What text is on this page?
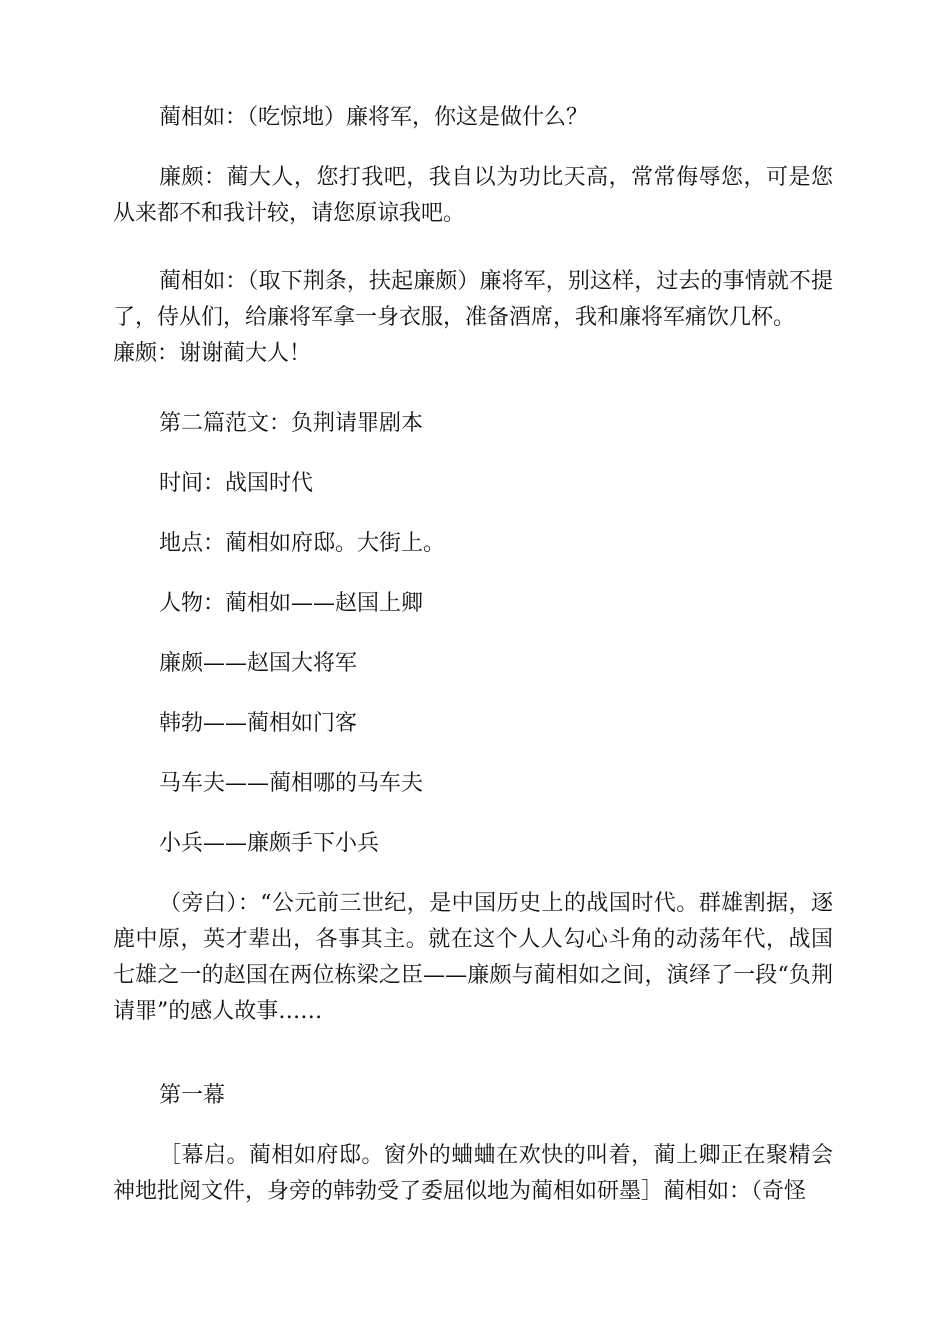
蔺相如：（吃惊地）廉将军，你这是做什么？

廉颇：蔺大人，您打我吧，我自以为功比天高，常常侮辱您，可是您从来都不和我计较，请您原谅我吧。

蔺相如：（取下荆条，扶起廉颇）廉将军，别这样，过去的事情就不提了，侍从们，给廉将军拿一身衣服，准备酒席，我和廉将军痛饮几杯。

廉颇：谢谢蔺大人！

第二篇范文：负荆请罪剧本

时间：战国时代

地点：蔺相如府邸。大街上。

人物：蔺相如——赵国上卿

廉颇——赵国大将军

韩勃——蔺相如门客

马车夫——蔺相哪的马车夫

小兵——廉颇手下小兵

（旁白）：“公元前三世纪，是中国历史上的战国时代。群雄割据，逐鹿中原，英才辈出，各事其主。就在这个人人勾心斗角的动荡年代，战国七雄之一的赵国在两位栋梁之臣——廉颇与蔺相如之间，演绎了一段“负荆请罪”的感人故事……

第一幕

［幕启。蔺相如府邸。窗外的蛐蛐在欢快的叫着，蔺上卿正在聚精会神地批阅文件，身旁的韩勃受了委屈似地为蔺相如研墨］蔺相如：（奇怪
